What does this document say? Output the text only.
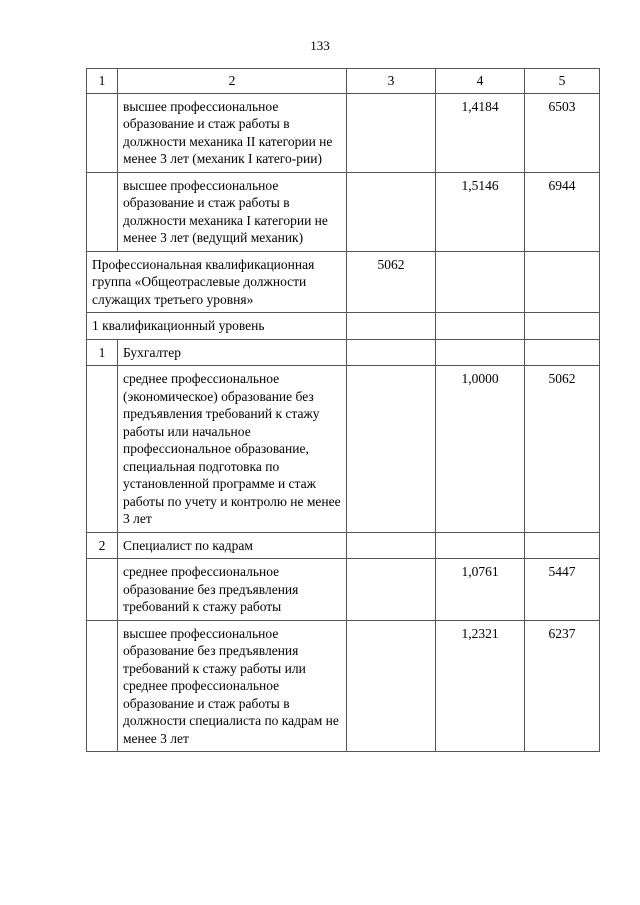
133
1	2	3	4	5
	высшее профессиональное образование и стаж работы в должности механика II категории не менее 3 лет (механик I катего-рии)		1,4184	6503
	высшее профессиональное образование и стаж работы в должности механика I категории не менее 3 лет (ведущий механик)		1,5146	6944
Профессиональная квалификационная группа «Общеотраслевые должности служащих третьего уровня»		5062		
1 квалификационный уровень				
1	Бухгалтер			
	среднее профессиональное (экономическое) образование без предъявления требований к стажу работы или начальное профессиональное образование, специальная подготовка по установленной программе и стаж работы по учету и контролю не менее 3 лет		1,0000	5062
2	Специалист по кадрам			
	среднее профессиональное образование без предъявления требований к стажу работы		1,0761	5447
	высшее профессиональное образование без предъявления требований к стажу работы или среднее профессиональное образование и стаж работы в должности специалиста по кадрам не менее 3 лет		1,2321	6237
